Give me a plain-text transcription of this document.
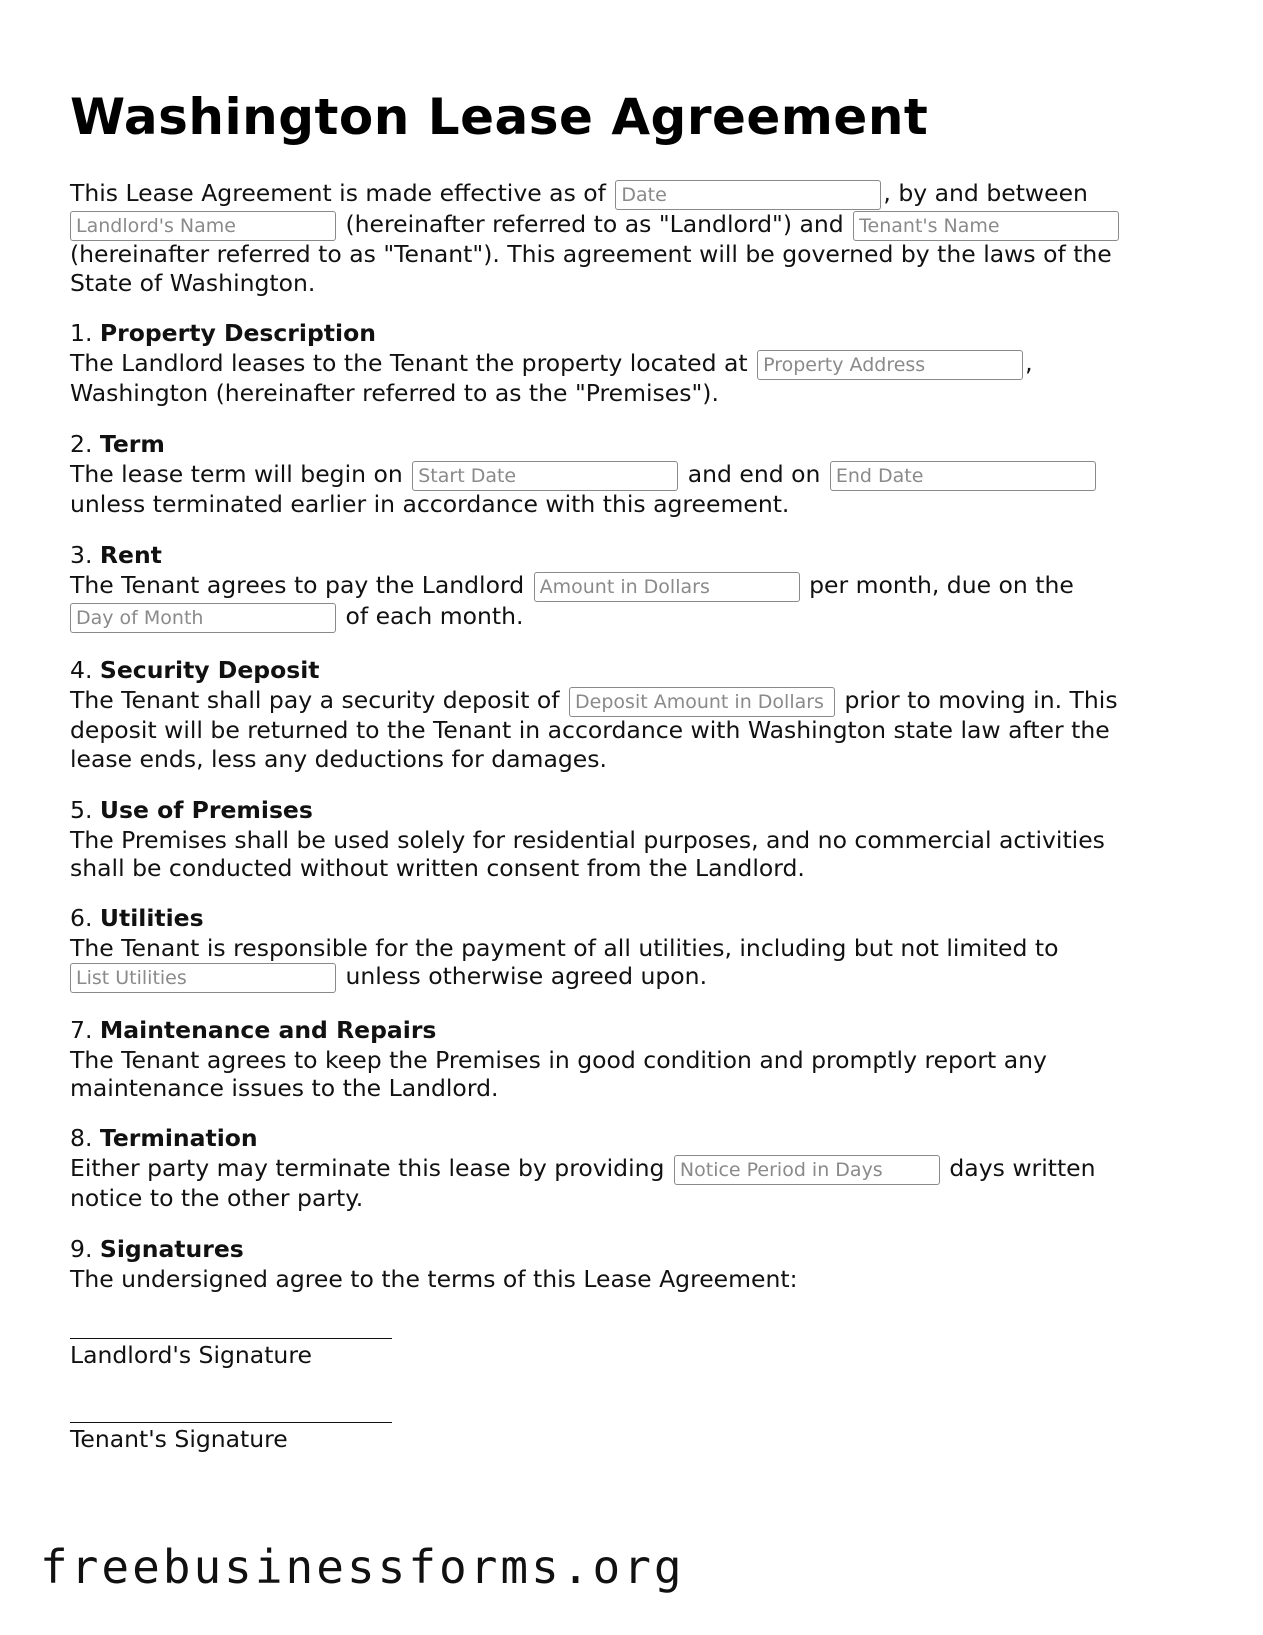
Washington Lease Agreement
This Lease Agreement is made effective as of Date	, by and between
Landlord's Name (hereinafter referred to as "Landlord") and Tenant's Name
(hereinafter referred to as "Tenant"). This agreement will be governed by the laws of the
State of Washington.
1. Property Description
The Landlord leases to the Tenant the property located at Property Address	,
Washington (hereinafter referred to as the "Premises").
2. Term
The lease term will begin on Start Date	and end on End Date
unless terminated earlier in accordance with this agreement.
3. Rent
The Tenant agrees to pay the Landlord Amount in Dollars	per month, due on the
Day of Month of each month.
4. Security Deposit
The Tenant shall pay a security deposit of Deposit Amount in Dollars	prior to moving in. This
deposit will be returned to the Tenant in accordance with Washington state law after the
lease ends, less any deductions for damages.
5. Use of Premises
The Premises shall be used solely for residential purposes, and no commercial activities
shall be conducted without written consent from the Landlord.
6. Utilities
The Tenant is responsible for the payment of all utilities, including but not limited to
List Utilities unless otherwise agreed upon.
7. Maintenance and Repairs
The Tenant agrees to keep the Premises in good condition and promptly report any
maintenance issues to the Landlord.
8. Termination
Either party may terminate this lease by providing Notice Period in Days	days written
notice to the other party.
9. Signatures
The undersigned agree to the terms of this Lease Agreement:
Landlord's Signature
Tenant's Signature
freebusinessforms.org
